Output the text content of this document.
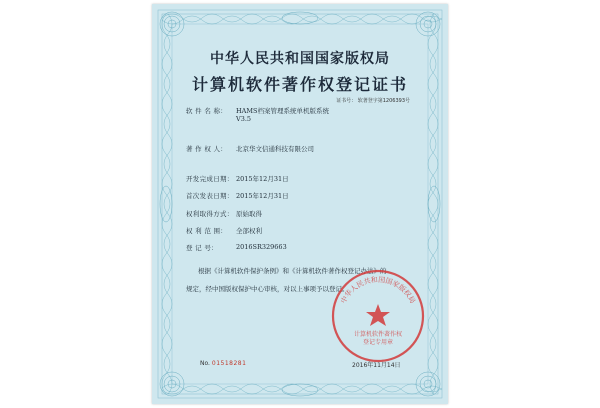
中华人民共和国国家版权局
计算机软件著作权登记证书
证书号： 软著登字第1206393号
软 件 名 称： HAMS档案管理系统单机版系统
V3.5
著 作 权 人： 北京华文信通科技有限公司
开发完成日期： 2015年12月31日
首次发表日期： 2015年12月31日
权利取得方式： 原始取得
权 利 范 围： 全部权利
登 记 号：	2016SR329663
根据《计算机软件保护条例》和《计算机软件著作权登记办法》的
规定，经中国版权保护中心审核，对以上事项予以登记。
No. 01518281
中华人民共和国国家版权局
计算机软件著作权
登记专用章
2016年11月14日
